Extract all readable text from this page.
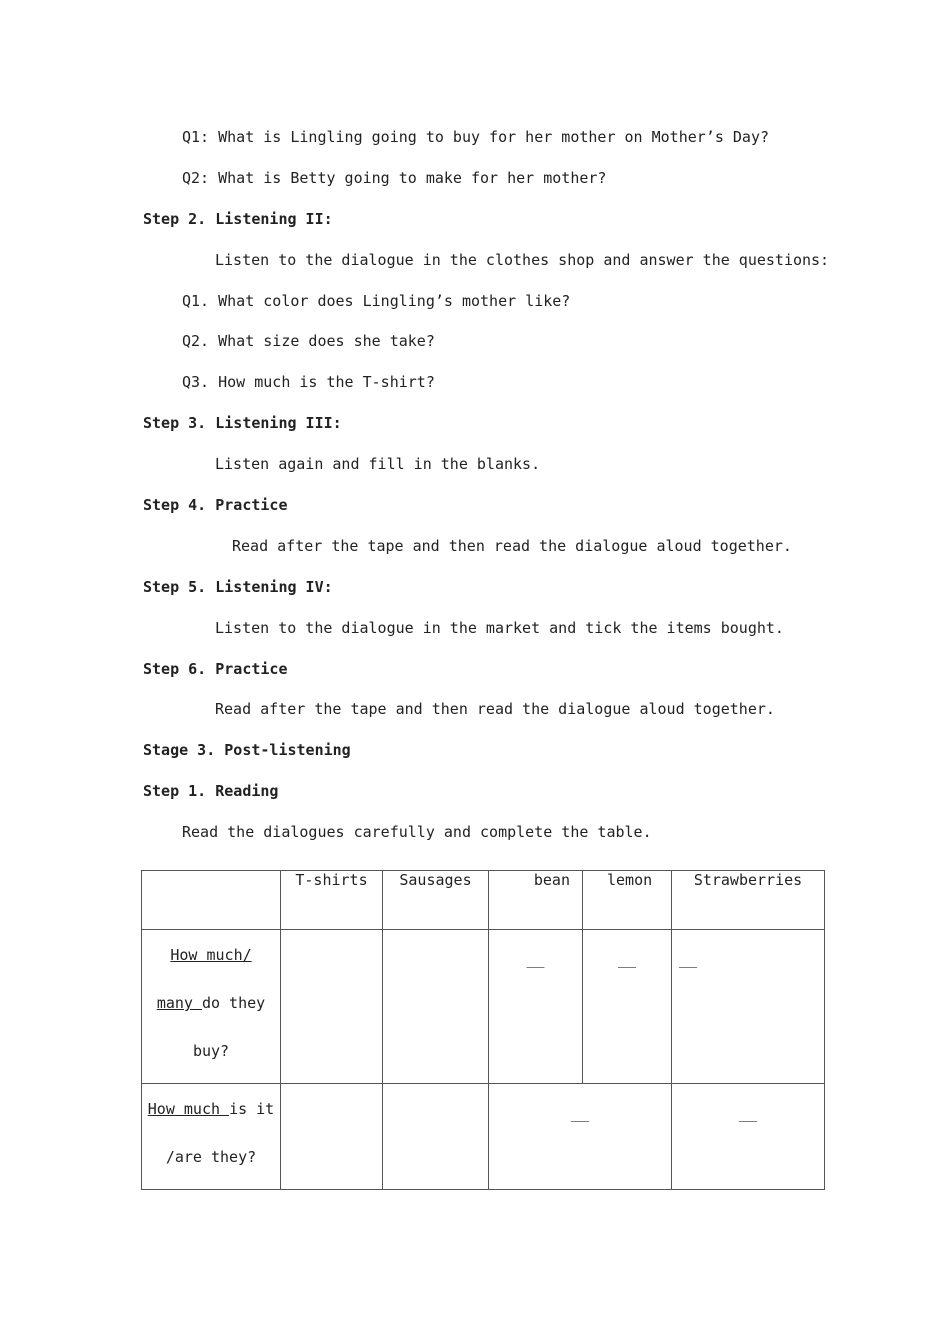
Q1: What is Lingling going to buy for her mother on Mother’s Day?
Q2: What is Betty going to make for her mother?
Step 2. Listening II:
Listen to the dialogue in the clothes shop and answer the questions:
Q1. What color does Lingling’s mother like?
Q2. What size does she take?
Q3. How much is the T-shirt?
Step 3. Listening III:
Listen again and fill in the blanks.
Step 4. Practice
Read after the tape and then read the dialogue aloud together.
Step 5. Listening IV:
Listen to the dialogue in the market and tick the items bought.
Step 6. Practice
Read after the tape and then read the dialogue aloud together.
Stage 3. Post-listening
Step 1. Reading
Read the dialogues carefully and complete the table.
	T-shirts	Sausages	bean	lemon	Strawberries

How much/
many do they
buy?			__	__	__

How much is it
/are they?			__		__
